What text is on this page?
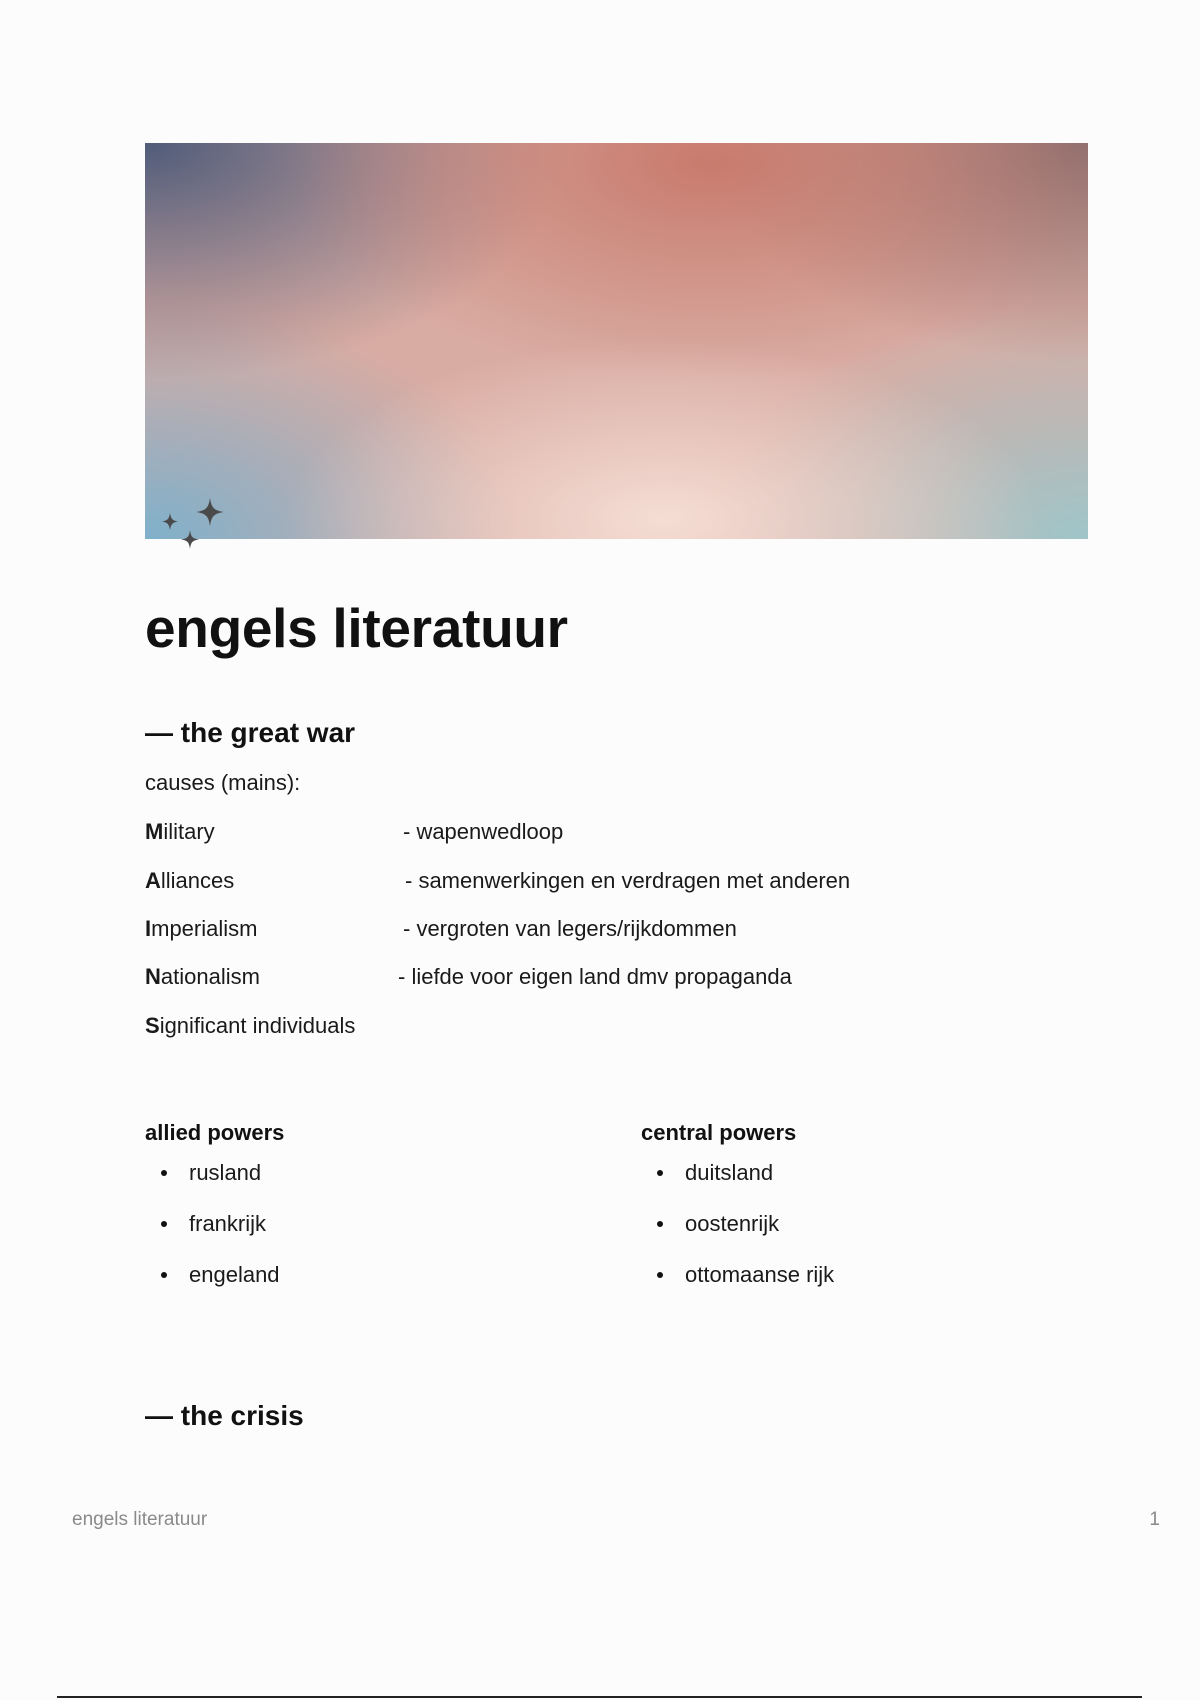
engels literatuur
— the great war

causes (mains):

Military	- wapenwedloop
Alliances	- samenwerkingen en verdragen met anderen
Imperialism	- vergroten van legers/rijkdommen
Nationalism	- liefde voor eigen land dmv propaganda
Significant individuals
allied powers
rusland
frankrijk
engeland
central powers
duitsland
oostenrijk
ottomaanse rijk
— the crisis
engels literatuur	1
